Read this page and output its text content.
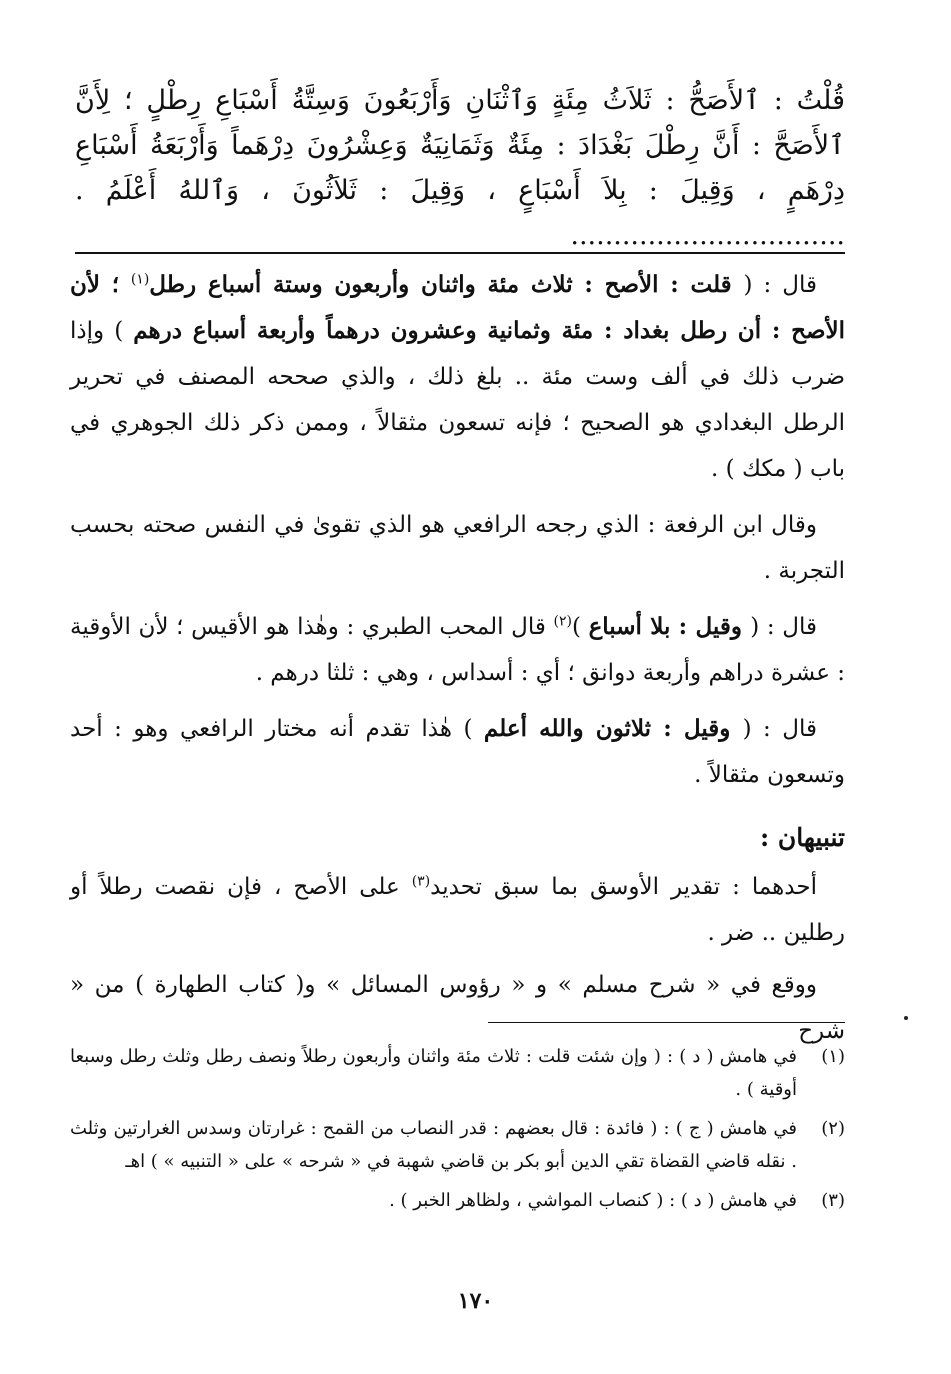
قُلْتُ : ٱلأَصَحُّ : ثَلاَثُ مِئَةٍ وَٱثْنَانِ وَأَرْبَعُونَ وَسِتَّةُ أَسْبَاعِ رِطْلٍ ؛ لِأَنَّ ٱلأَصَحَّ : أَنَّ رِطْلَ بَغْدَادَ : مِئَةٌ وَثَمَانِيَةٌ وَعِشْرُونَ دِرْهَماً وَأَرْبَعَةُ أَسْبَاعِ دِرْهَمٍ ، وَقِيلَ : بِلاَ أَسْبَاعٍ ، وَقِيلَ : ثَلاَثُونَ ، وَٱللهُ أَعْلَمُ . ................................

قال : ( قلت : الأصح : ثلاث مئة واثنان وأربعون وستة أسباع رطل$^{(١)}$ ؛ لأن الأصح : أن رطل بغداد : مئة وثمانية وعشرون درهماً وأربعة أسباع درهم ) وإذا ضرب ذلك في ألف وست مئة .. بلغ ذلك ، والذي صححه المصنف في تحرير الرطل البغدادي هو الصحيح ؛ فإنه تسعون مثقالاً ، وممن ذكر ذلك الجوهري في باب ( مكك ) .

وقال ابن الرفعة : الذي رجحه الرافعي هو الذي تقوىٰ في النفس صحته بحسب التجربة .

قال : ( وقيل : بلا أسباع )$^{(٢)}$ قال المحب الطبري : وهٰذا هو الأقيس ؛ لأن الأوقية : عشرة دراهم وأربعة دوانق ؛ أي : أسداس ، وهي : ثلثا درهم .

قال : ( وقيل : ثلاثون والله أعلم ) هٰذا تقدم أنه مختار الرافعي وهو : أحد وتسعون مثقالاً .

تنبيهان :

أحدهما : تقدير الأوسق بما سبق تحديد$^{(٣)}$ على الأصح ، فإن نقصت رطلاً أو رطلين .. ضر .

ووقع في « شرح مسلم » و « رؤوس المسائل » و( كتاب الطهارة ) من « شرح

(١)
في هامش ( د ) : ( وإن شئت قلت : ثلاث مئة واثنان وأربعون رطلاً ونصف رطل وثلث رطل وسبعا أوقية ) .
(٢)
في هامش ( ج ) : ( فائدة : قال بعضهم : قدر النصاب من القمح : غرارتان وسدس الغرارتين وثلث . نقله قاضي القضاة تقي الدين أبو بكر بن قاضي شهبة في « شرحه » على « التنبيه » ) اهـ
(٣)
في هامش ( د ) : ( كنصاب المواشي ، ولظاهر الخبر ) .
١٧٠
